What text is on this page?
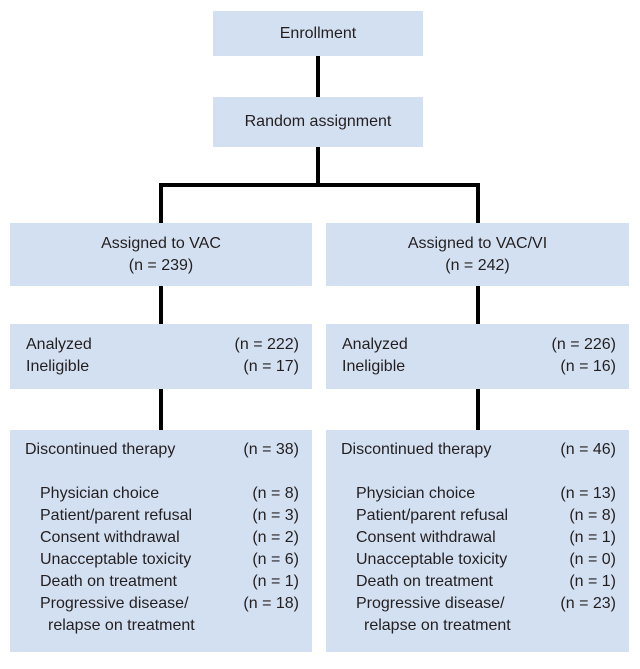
Enrollment
Random assignment
Assigned to VAC
(n = 239)
Analyzed	(n = 222)
Ineligible	(n = 17)
Discontinued therapy	(n = 38)
Physician choice	(n = 8)
Patient/parent refusal	(n = 3)
Consent withdrawal	(n = 2)
Unacceptable toxicity	(n = 6)
Death on treatment	(n = 1)
Progressive disease/	(n = 18)
relapse on treatment
Assigned to VAC/VI
(n = 242)
Analyzed	(n = 226)
Ineligible	(n = 16)
Discontinued therapy	(n = 46)
Physician choice	(n = 13)
Patient/parent refusal	(n = 8)
Consent withdrawal	(n = 1)
Unacceptable toxicity	(n = 0)
Death on treatment	(n = 1)
Progressive disease/	(n = 23)
relapse on treatment
